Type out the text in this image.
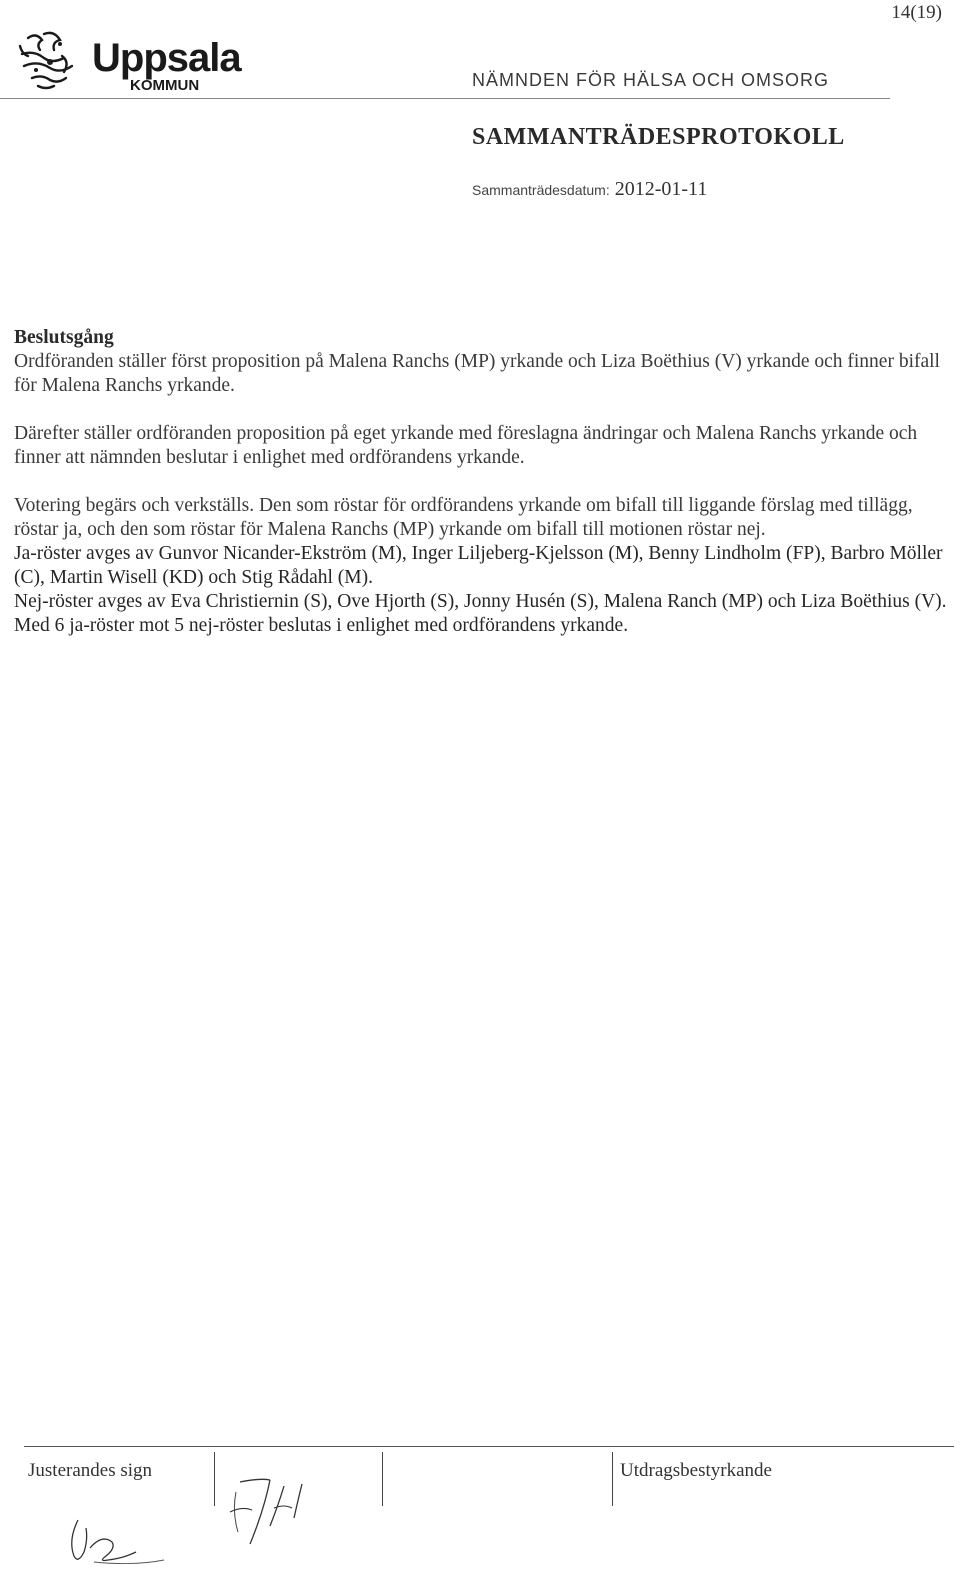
14(19)
Uppsala
KOMMUN	NÄMNDEN FÖR HÄLSA OCH OMSORG
SAMMANTRÄDESPROTOKOLL
Sammanträdesdatum: 2012-01-11
Beslutsgång

Ordföranden ställer först proposition på Malena Ranchs (MP) yrkande och Liza Boëthius (V) yrkande och finner bifall för Malena Ranchs yrkande.

Därefter ställer ordföranden proposition på eget yrkande med föreslagna ändringar och Malena Ranchs yrkande och finner att nämnden beslutar i enlighet med ordförandens yrkande.

Votering begärs och verkställs. Den som röstar för ordförandens yrkande om bifall till liggande förslag med tillägg, röstar ja, och den som röstar för Malena Ranchs (MP) yrkande om bifall till motionen röstar nej.

Ja-röster avges av Gunvor Nicander-Ekström (M), Inger Liljeberg-Kjelsson (M), Benny Lindholm (FP), Barbro Möller (C), Martin Wisell (KD) och Stig Rådahl (M).

Nej-röster avges av Eva Christiernin (S), Ove Hjorth (S), Jonny Husén (S), Malena Ranch (MP) och Liza Boëthius (V).

Med 6 ja-röster mot 5 nej-röster beslutas i enlighet med ordförandens yrkande.

Justerandes sign	Utdragsbestyrkande
